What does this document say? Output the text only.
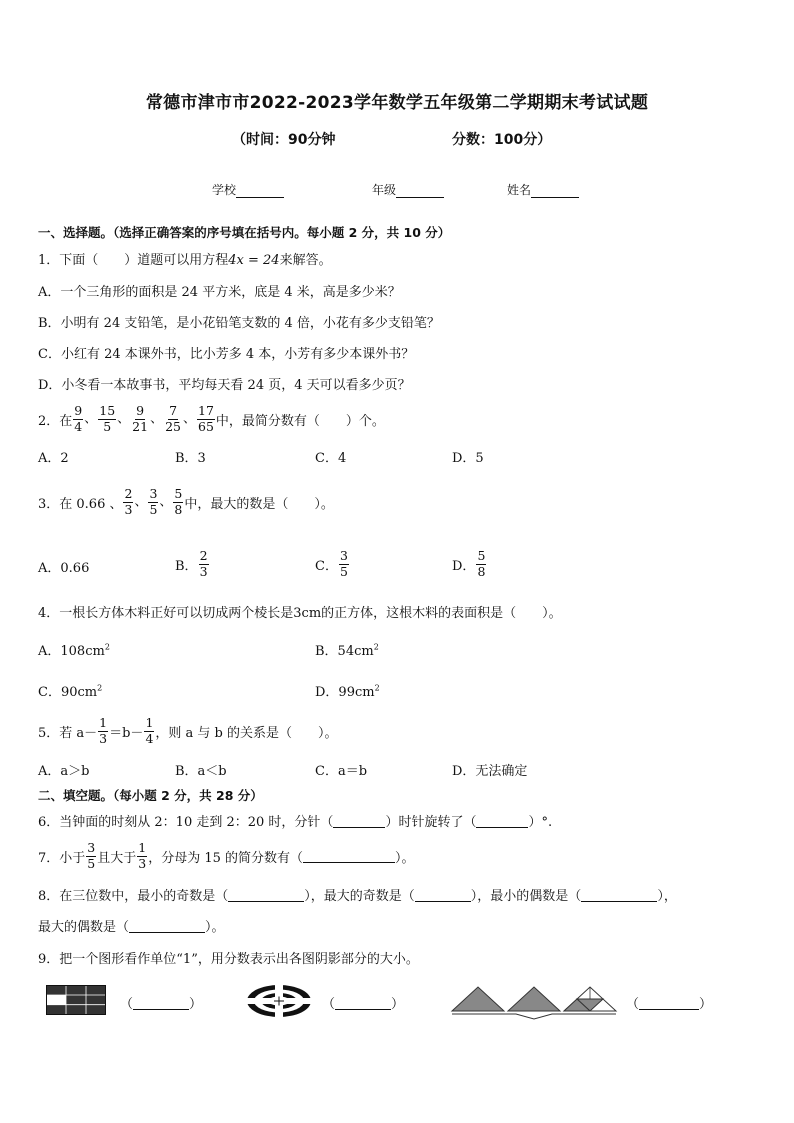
常德市津市市2022-2023学年数学五年级第二学期期末考试试题
（时间：90分钟	分数：100分）
学校	年级	姓名
一、选择题。（选择正确答案的序号填在括号内。每小题 2 分，共 10 分）
1．下面（　　）道题可以用方程4x = 24来解答。
A．一个三角形的面积是 24 平方米，底是 4 米，高是多少米？
B．小明有 24 支铅笔，是小花铅笔支数的 4 倍，小花有多少支铅笔？
C．小红有 24 本课外书，比小芳多 4 本，小芳有多少本课外书？
D．小冬看一本故事书，平均每天看 24 页，4 天可以看多少页？
2．在 $\frac{9}{4}$ 、 $\frac{15}{5}$ 、 $\frac{9}{21}$ 、 $\frac{7}{25}$ 、 $\frac{17}{65}$ 中，最简分数有（　　）个。
A．2	B．3	C．4	D．5
3．在 0.66 、 $\frac{2}{3}$ 、 $\frac{3}{5}$ 、 $\frac{5}{8}$ 中，最大的数是（　　）。
A．0.66	B． $\frac{2}{3}$	C． $\frac{3}{5}$	D． $\frac{5}{8}$
4．一根长方体木料正好可以切成两个棱长是3cm的正方体，这根木料的表面积是（　　）。
A．$108cm^2$	B．$54cm^2$
C．$90cm^2$	D．$99cm^2$
5．若 $a- \frac{1}{3} =b- \frac{1}{4}$ ，则 a 与 b 的关系是（　　）。
A．a＞b	B．a＜b	C．a＝b	D．无法确定
二、填空题。（每小题 2 分，共 28 分）
6．当钟面的时刻从 2：10 走到 2：20 时，分针（	）时针旋转了（	）°.
7．小于 $\frac{3}{5}$ 且大于 $\frac{1}{3}$ ，分母为 15 的简分数有（	）。
8．在三位数中，最小的奇数是（	），最大的奇数是（	），最小的偶数是（	），
最大的偶数是（	）。
9．把一个图形看作单位“1”，用分数表示出各图阴影部分的大小。
（	）	（	）	（	）
